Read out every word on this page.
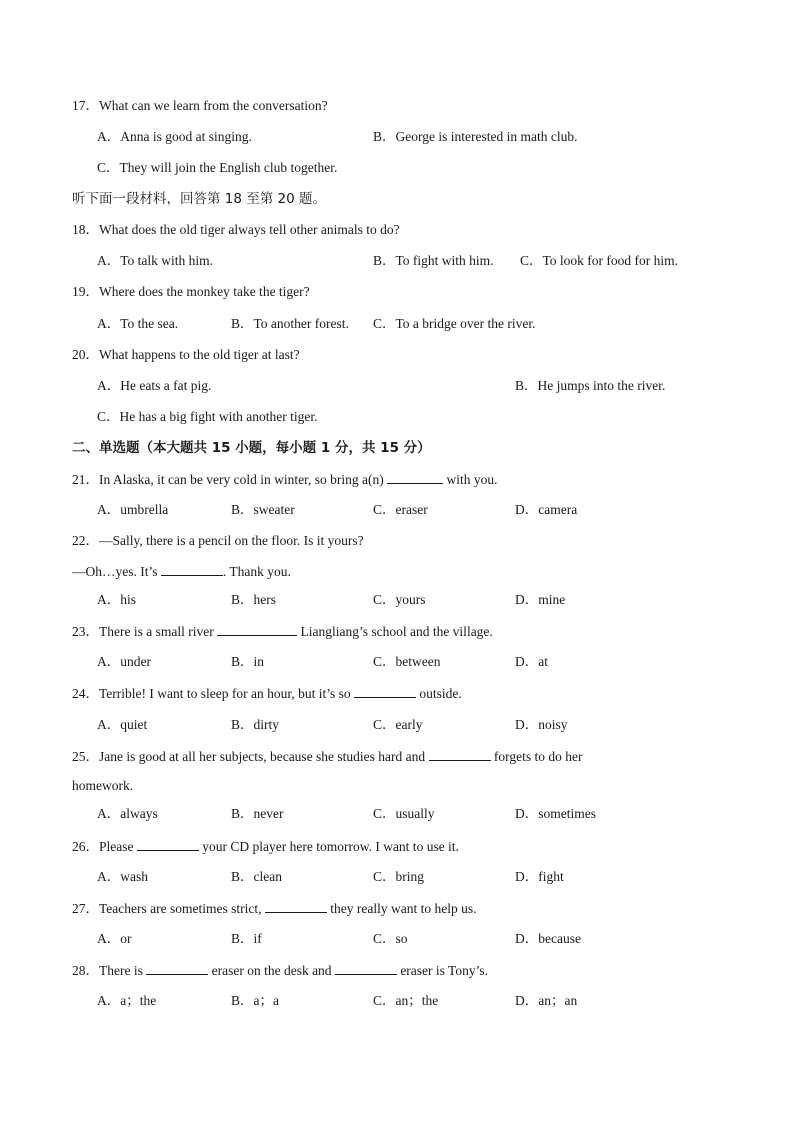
17．What can we learn from the conversation?
A．Anna is good at singing.	B．George is interested in math club.
C．They will join the English club together.
听下面一段材料，回答第 18 至第 20 题。
18．What does the old tiger always tell other animals to do?
A．To talk with him.	B．To fight with him. C．To look for food for him.
19．Where does the monkey take the tiger?
A．To the sea.	B．To another forest. C．To a bridge over the river.
20．What happens to the old tiger at last?
A．He eats a fat pig.	B．He jumps into the river.
C．He has a big fight with another tiger.
二、单选题（本大题共 15 小题，每小题 1 分，共 15 分）
21．In Alaska, it can be very cold in winter, so bring a(n)	with you.
A．umbrella	B．sweater	C．eraser	D．camera
22．—Sally, there is a pencil on the floor. Is it yours?
—Oh…yes. It’s	. Thank you.
A．his	B．hers	C．yours	D．mine
23．There is a small river	Liangliang’s school and the village.
A．under	B．in	C．between	D．at
24．Terrible! I want to sleep for an hour, but it’s so	outside.
A．quiet	B．dirty	C．early	D．noisy
25．Jane is good at all her subjects, because she studies hard and	forgets to do her
homework.
A．always	B．never	C．usually	D．sometimes
26．Please	your CD player here tomorrow. I want to use it.
A．wash	B．clean	C．bring	D．fight
27．Teachers are sometimes strict,	they really want to help us.
A．or	B．if	C．so	D．because
28．There is	eraser on the desk and	eraser is Tony’s.
A．a；the	B．a；a	C．an；the	D．an；an
